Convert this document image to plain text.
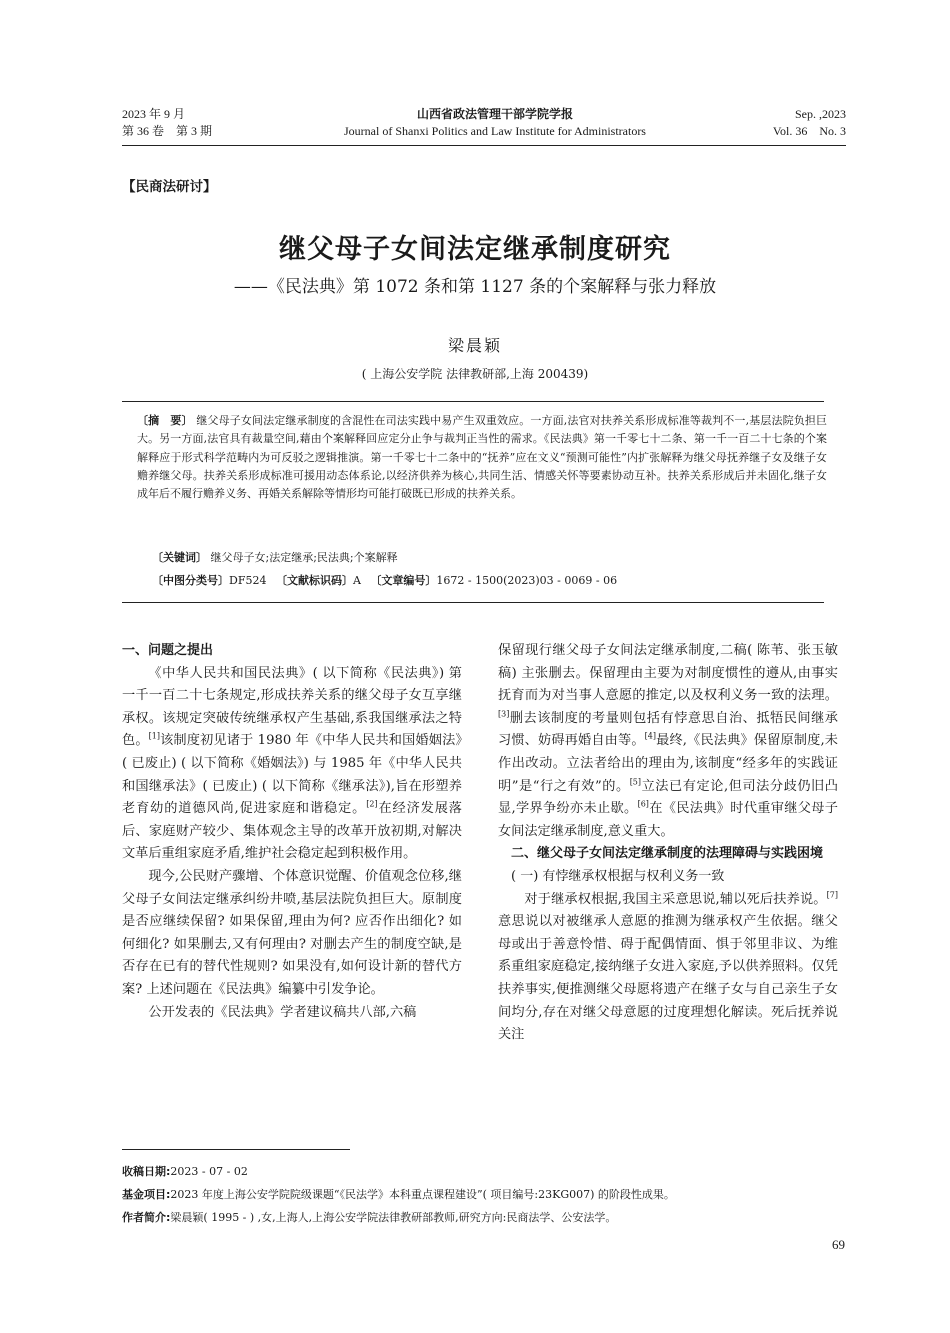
2023 年 9 月
第 36 卷　第 3 期
山西省政法管理干部学院学报
Journal of Shanxi Politics and Law Institute for Administrators
Sep. ,2023
Vol. 36　No. 3
【民商法研讨】
继父母子女间法定继承制度研究
——《民法典》第 1072 条和第 1127 条的个案解释与张力释放
梁晨颖
( 上海公安学院 法律教研部,上海 200439)
〔摘　要〕 继父母子女间法定继承制度的含混性在司法实践中易产生双重效应。一方面,法官对扶养关系形成标准等裁判不一,基层法院负担巨大。另一方面,法官具有裁量空间,藉由个案解释回应定分止争与裁判正当性的需求。《民法典》第一千零七十二条、第一千一百二十七条的个案解释应于形式科学范畴内为可反驳之逻辑推演。第一千零七十二条中的“抚养”应在文义“预测可能性”内扩张解释为继父母抚养继子女及继子女赡养继父母。扶养关系形成标准可援用动态体系论,以经济供养为核心,共同生活、情感关怀等要素协动互补。扶养关系形成后并未固化,继子女成年后不履行赡养义务、再婚关系解除等情形均可能打破既已形成的扶养关系。
〔关键词〕 继父母子女;法定继承;民法典;个案解释
〔中图分类号〕DF524 〔文献标识码〕A 〔文章编号〕1672 - 1500(2023)03 - 0069 - 06

一、问题之提出

《中华人民共和国民法典》( 以下简称《民法典》) 第一千一百二十七条规定,形成扶养关系的继父母子女互享继承权。该规定突破传统继承权产生基础,系我国继承法之特色。[1]该制度初见诸于 1980 年《中华人民共和国婚姻法》( 已废止) ( 以下简称《婚姻法》) 与 1985 年《中华人民共和国继承法》( 已废止) ( 以下简称《继承法》),旨在形塑养老育幼的道德风尚,促进家庭和谐稳定。[2]在经济发展落后、家庭财产较少、集体观念主导的改革开放初期,对解决文革后重组家庭矛盾,维护社会稳定起到积极作用。

现今,公民财产骤增、个体意识觉醒、价值观念位移,继父母子女间法定继承纠纷井喷,基层法院负担巨大。原制度是否应继续保留? 如果保留,理由为何? 应否作出细化? 如何细化? 如果删去,又有何理由? 对删去产生的制度空缺,是否存在已有的替代性规则? 如果没有,如何设计新的替代方案? 上述问题在《民法典》编纂中引发争论。

公开发表的《民法典》学者建议稿共八部,六稿

保留现行继父母子女间法定继承制度,二稿( 陈苇、张玉敏稿) 主张删去。保留理由主要为对制度惯性的遵从,由事实抚育而为对当事人意愿的推定,以及权利义务一致的法理。[3]删去该制度的考量则包括有悖意思自治、抵牾民间继承习惯、妨碍再婚自由等。[4]最终,《民法典》保留原制度,未作出改动。立法者给出的理由为,该制度“经多年的实践证明”是“行之有效”的。[5]立法已有定论,但司法分歧仍旧凸显,学界争纷亦未止歇。[6]在《民法典》时代重审继父母子女间法定继承制度,意义重大。

二、继父母子女间法定继承制度的法理障碍与实践困境

( 一) 有悖继承权根据与权利义务一致

对于继承权根据,我国主采意思说,辅以死后扶养说。[7]意思说以对被继承人意愿的推测为继承权产生依据。继父母或出于善意怜惜、碍于配偶情面、惧于邻里非议、为维系重组家庭稳定,接纳继子女进入家庭,予以供养照料。仅凭扶养事实,便推测继父母愿将遗产在继子女与自己亲生子女间均分,存在对继父母意愿的过度理想化解读。死后抚养说关注

收稿日期:2023 - 07 - 02
基金项目:2023 年度上海公安学院院级课题“《民法学》本科重点课程建设”( 项目编号:23KG007) 的阶段性成果。
作者简介:梁晨颖( 1995 - ) ,女,上海人,上海公安学院法律教研部教师,研究方向:民商法学、公安法学。
69
